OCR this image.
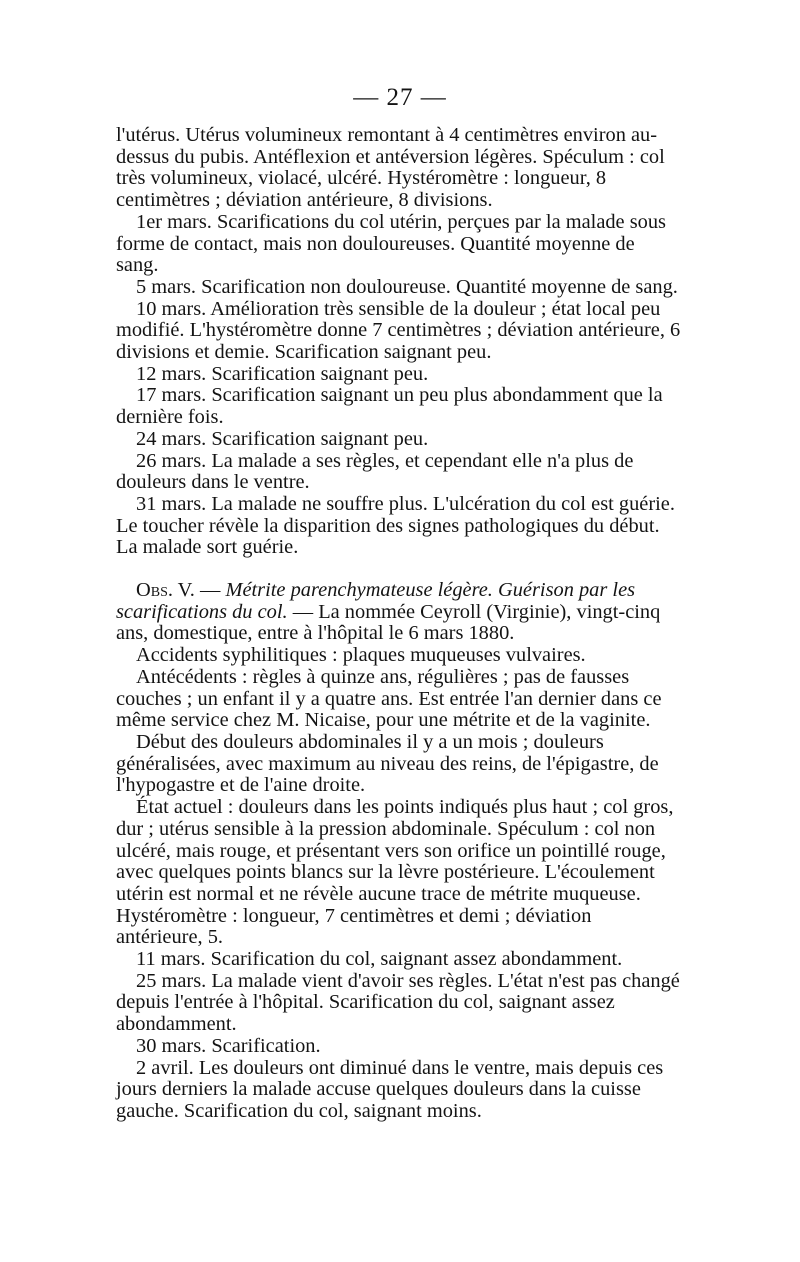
— 27 —

l'utérus. Utérus volumineux remontant à 4 centimètres environ au-dessus du pubis. Antéflexion et antéversion légères. Spéculum : col très volumineux, violacé, ulcéré. Hystéromètre : longueur, 8 centimètres ; déviation antérieure, 8 divisions.

1er mars. Scarifications du col utérin, perçues par la malade sous forme de contact, mais non douloureuses. Quantité moyenne de sang.

5 mars. Scarification non douloureuse. Quantité moyenne de sang.

10 mars. Amélioration très sensible de la douleur ; état local peu modifié. L'hystéromètre donne 7 centimètres ; déviation antérieure, 6 divisions et demie. Scarification saignant peu.

12 mars. Scarification saignant peu.

17 mars. Scarification saignant un peu plus abondamment que la dernière fois.

24 mars. Scarification saignant peu.

26 mars. La malade a ses règles, et cependant elle n'a plus de douleurs dans le ventre.

31 mars. La malade ne souffre plus. L'ulcération du col est guérie. Le toucher révèle la disparition des signes pathologiques du début. La malade sort guérie.

Obs. V. — Métrite parenchymateuse légère. Guérison par les scarifications du col. — La nommée Ceyroll (Virginie), vingt-cinq ans, domestique, entre à l'hôpital le 6 mars 1880.

Accidents syphilitiques : plaques muqueuses vulvaires.

Antécédents : règles à quinze ans, régulières ; pas de fausses couches ; un enfant il y a quatre ans. Est entrée l'an dernier dans ce même service chez M. Nicaise, pour une métrite et de la vaginite.

Début des douleurs abdominales il y a un mois ; douleurs généralisées, avec maximum au niveau des reins, de l'épigastre, de l'hypogastre et de l'aine droite.

État actuel : douleurs dans les points indiqués plus haut ; col gros, dur ; utérus sensible à la pression abdominale. Spéculum : col non ulcéré, mais rouge, et présentant vers son orifice un pointillé rouge, avec quelques points blancs sur la lèvre postérieure. L'écoulement utérin est normal et ne révèle aucune trace de métrite muqueuse. Hystéromètre : longueur, 7 centimètres et demi ; déviation antérieure, 5.

11 mars. Scarification du col, saignant assez abondamment.

25 mars. La malade vient d'avoir ses règles. L'état n'est pas changé depuis l'entrée à l'hôpital. Scarification du col, saignant assez abondamment.

30 mars. Scarification.

2 avril. Les douleurs ont diminué dans le ventre, mais depuis ces jours derniers la malade accuse quelques douleurs dans la cuisse gauche. Scarification du col, saignant moins.
